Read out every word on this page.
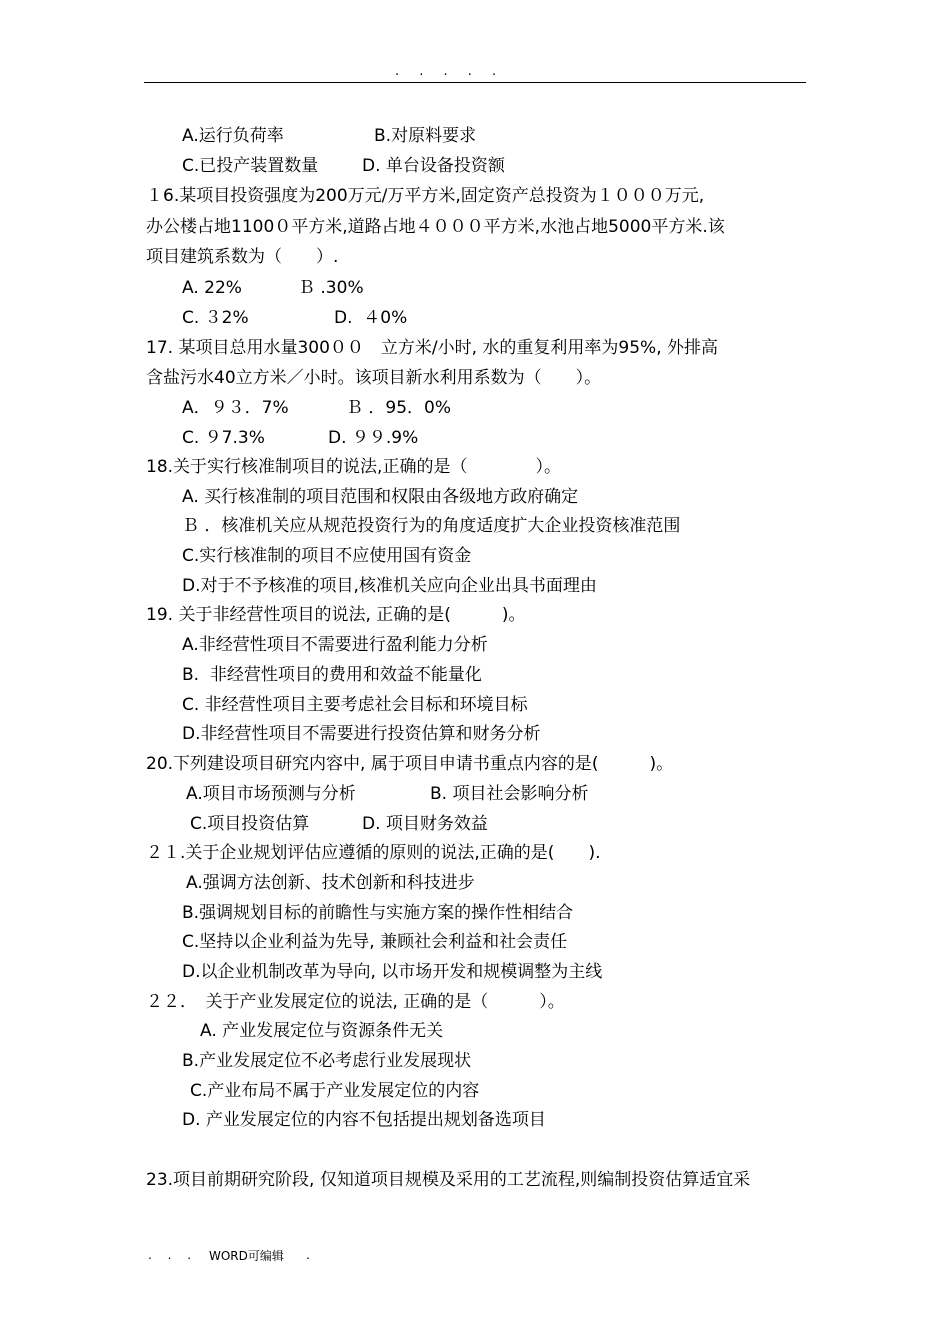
. . . . .
A.运行负荷率	B.对原料要求
C.已投产装置数量	D. 单台设备投资额
１6.某项目投资强度为200万元/万平方米,固定资产总投资为１０００万元,
办公楼占地1100０平方米,道路占地４０００平方米,水池占地5000平方米.该
项目建筑系数为（　　）.
A. 22%	Ｂ .30%
C. ３2%	D.  ４0%
17. 某项目总用水量300００　立方米/小时, 水的重复利用率为95%, 外排高
含盐污水40立方米／小时。该项目新水利用系数为（　　）。
A．９３．7%	Ｂ ．95．0%
C. ９7.3%	D. ９９.9%
18.关于实行核准制项目的说法,正确的是（　　　　）。
A. 买行核准制的项目范围和权限由各级地方政府确定
Ｂ ．核准机关应从规范投资行为的角度适度扩大企业投资核准范围
C.实行核准制的项目不应使用国有资金
D.对于不予核准的项目,核准机关应向企业出具书面理由
19. 关于非经营性项目的说法, 正确的是(　　　)。
A.非经营性项目不需要进行盈利能力分析
B.  非经营性项目的费用和效益不能量化
C. 非经营性项目主要考虑社会目标和环境目标
D.非经营性项目不需要进行投资估算和财务分析
20.下列建设项目研究内容中, 属于项目申请书重点内容的是(　　　)。
A.项目市场预测与分析	B. 项目社会影响分析
C.项目投资估算	D. 项目财务效益
２１.关于企业规划评估应遵循的原则的说法,正确的是(　　).
A.强调方法创新、技术创新和科技进步
B.强调规划目标的前瞻性与实施方案的操作性相结合
C.坚持以企业利益为先导, 兼顾社会利益和社会责任
D.以企业机制改革为导向, 以市场开发和规模调整为主线
２２．　关于产业发展定位的说法, 正确的是（　　　）。
A. 产业发展定位与资源条件无关
B.产业发展定位不必考虑行业发展现状
C.产业布局不属于产业发展定位的内容
D. 产业发展定位的内容不包括提出规划备选项目
23.项目前期研究阶段, 仅知道项目规模及采用的工艺流程,则编制投资估算适宜采
. . . WORD可编辑 .
